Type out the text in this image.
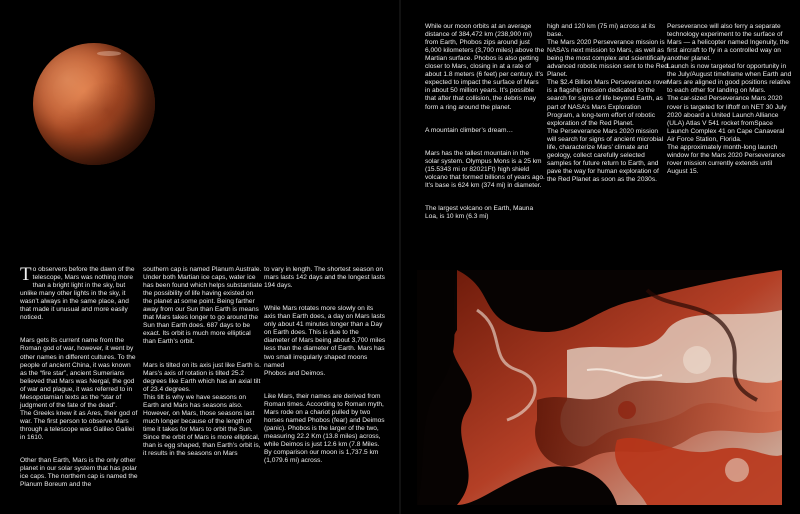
To observers before the dawn of the telescope, Mars was nothing more than a bright light in the sky, but unlike many other lights in the sky, it wasn’t always in the same place, and that made it unusual and more easily noticed.

Mars gets its current name from the Roman god of war, however, it went by other names in different cultures. To the people of ancient China, it was known as the “fire star”, ancient Sumerians believed that Mars was Nergal, the god of war and plague, it was referred to in Mesopotamian texts as the “star of judgment of the fate of the dead”.
The Greeks knew it as Ares, their god of war. The first person to observe Mars through a telescope was Galileo Galilei in 1610.

Other than Earth, Mars is the only other planet in our solar system that has polar ice caps. The northern cap is named the Planum Boreum and the

southern cap is named Planum Australe. Under both Martian ice caps, water ice has been found which helps substantiate the possibility of life having existed on the planet at some point. Being farther away from our Sun than Earth is means that Mars takes longer to go around the Sun than Earth does. 687 days to be exact. Its orbit is much more elliptical than Earth’s orbit.

Mars is tilted on its axis just like Earth is. Mars’s axis of rotation is tilted 25.2 degrees like Earth which has an axial tilt of 23.4 degrees.
This tilt is why we have seasons on Earth and Mars has seasons also. However, on Mars, those seasons last much longer because of the length of time it takes for Mars to orbit the Sun. Since the orbit of Mars is more elliptical, than is egg shaped, than Earth’s orbit is, it results in the seasons on Mars

to vary in length. The shortest season on mars lasts 142 days and the longest lasts 194 days.

While Mars rotates more slowly on its axis than Earth does, a day on Mars lasts only about 41 minutes longer than a Day on Earth does. This is due to the diameter of Mars being about 3,700 miles less than the diameter of Earth. Mars has two small irregularly shaped moons named
Phobos and Deimos.

Like Mars, their names are derived from Roman times. According to Roman myth, Mars rode on a chariot pulled by two horses named Phobos (fear) and Deimos (panic). Phobos is the larger of the two, measuring 22.2 Km (13.8 miles) across, while Deimos is just 12.6 km (7.8 Miles. By comparison our moon is 1,737.5 km (1,079.6 mi) across.

While our moon orbits at an average distance of 384,472 km (238,900 mi) from Earth, Phobos zips around just 6,000 kilometers (3,700 miles) above the Martian surface. Phobos is also getting closer to Mars, closing in at a rate of about 1.8 meters (6 feet) per century. it’s expected to impact the surface of Mars in about 50 million years. It’s possible that after that collision, the debris may form a ring around the planet.

A mountain climber’s dream…

Mars has the tallest mountain in the solar system. Olympus Mons is a 25 km (15.5343 mi or 82021Ft) high shield volcano that formed billions of years ago. It’s base is 624 km (374 mi) in diameter.

The largest volcano on Earth, Mauna Loa, is 10 km (6.3 mi)

high and 120 km (75 mi) across at its base.
The Mars 2020 Perseverance mission is NASA’s next mission to Mars, as well as being the most complex and scientifically advanced robotic mission sent to the Red Planet.
The $2.4 Billion Mars Perseverance rover is a flagship mission dedicated to the search for signs of life beyond Earth, as part of NASA’s Mars Exploration Program, a long-term effort of robotic exploration of the Red Planet.
The Perseverance Mars 2020 mission will search for signs of ancient microbial life, characterize Mars’ climate and geology, collect carefully selected samples for future return to Earth, and pave the way for human exploration of the Red Planet as soon as the 2030s.

Perseverance will also ferry a separate technology experiment to the surface of Mars — a helicopter named Ingenuity, the first aircraft to fly in a controlled way on another planet.
Launch is now targeted for opportunity in the July/August timeframe when Earth and Mars are aligned in good positions relative to each other for landing on Mars.
The car-sized Perseverance Mars 2020 rover is targeted for liftoff on NET 30 July 2020 aboard a United Launch Alliance (ULA) Atlas V 541 rocket fromSpace Launch Complex 41 on Cape Canaveral Air Force Station, Florida.
The approximately month-long launch window for the Mars 2020 Perseverance rover mission currently extends until August 15.
